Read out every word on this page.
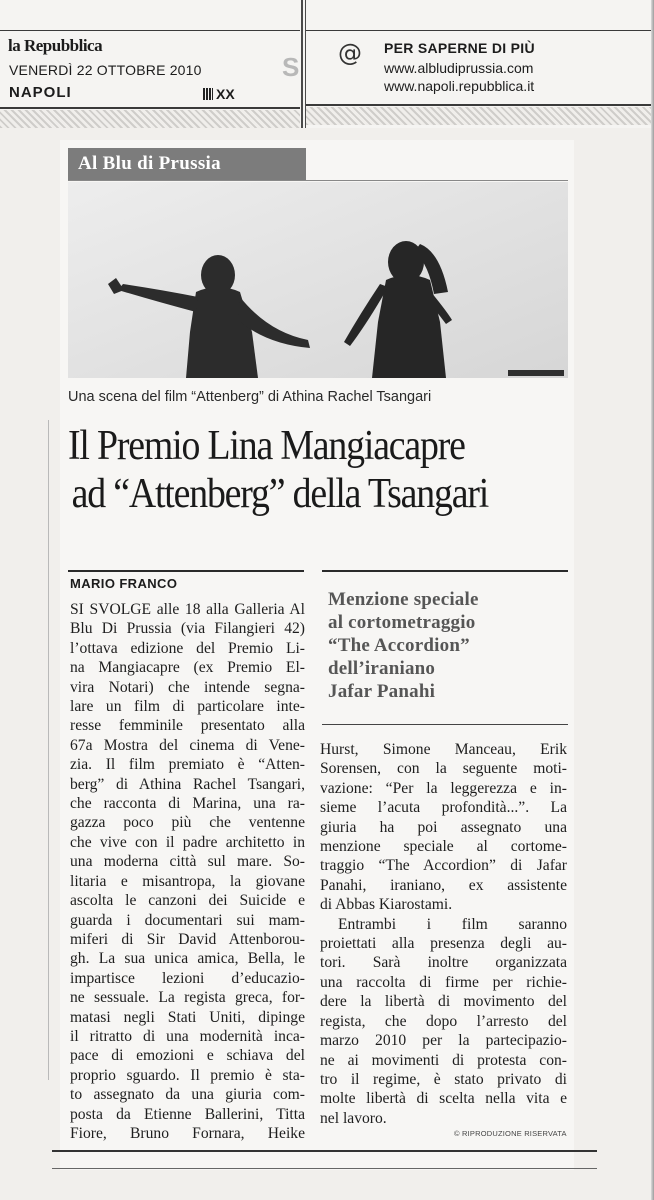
la Repubblica
VENERDÌ 22 OTTOBRE 2010
NAPOLI	XX
S @ PER SAPERNE DI PIÙ
www.albludiprussia.com
www.napoli.repubblica.it
Al Blu di Prussia
Una scena del film “Attenberg” di Athina Rachel Tsangari
Il Premio Lina Mangiacapre
ad “Attenberg” della Tsangari
MARIO FRANCO
Menzione speciale
al cortometraggio
“The Accordion”
dell’iraniano
Jafar Panahi
SI SVOLGE alle 18 alla Galleria Al
Blu Di Prussia (via Filangieri 42)
l’ottava edizione del Premio Li-
na Mangiacapre (ex Premio El-
vira Notari) che intende segna-
lare un film di particolare inte-
resse femminile presentato alla
67a Mostra del cinema di Vene-
zia. Il film premiato è “Atten-
berg” di Athina Rachel Tsangari,
che racconta di Marina, una ra-
gazza poco più che ventenne
che vive con il padre architetto in
una moderna città sul mare. So-
litaria e misantropa, la giovane
ascolta le canzoni dei Suicide e
guarda i documentari sui mam-
miferi di Sir David Attenborou-
gh. La sua unica amica, Bella, le
impartisce lezioni d’educazio-
ne sessuale. La regista greca, for-
matasi negli Stati Uniti, dipinge
il ritratto di una modernità inca-
pace di emozioni e schiava del
proprio sguardo. Il premio è sta-
to assegnato da una giuria com-
posta da Etienne Ballerini, Titta
Fiore, Bruno Fornara, Heike
Hurst, Simone Manceau, Erik
Sorensen, con la seguente moti-
vazione: “Per la leggerezza e in-
sieme l’acuta profondità...”. La
giuria ha poi assegnato una
menzione speciale al cortome-
traggio “The Accordion” di Jafar
Panahi, iraniano, ex assistente
di Abbas Kiarostami.
Entrambi i film saranno
proiettati alla presenza degli au-
tori. Sarà inoltre organizzata
una raccolta di firme per richie-
dere la libertà di movimento del
regista, che dopo l’arresto del
marzo 2010 per la partecipazio-
ne ai movimenti di protesta con-
tro il regime, è stato privato di
molte libertà di scelta nella vita e
nel lavoro.
© RIPRODUZIONE RISERVATA
